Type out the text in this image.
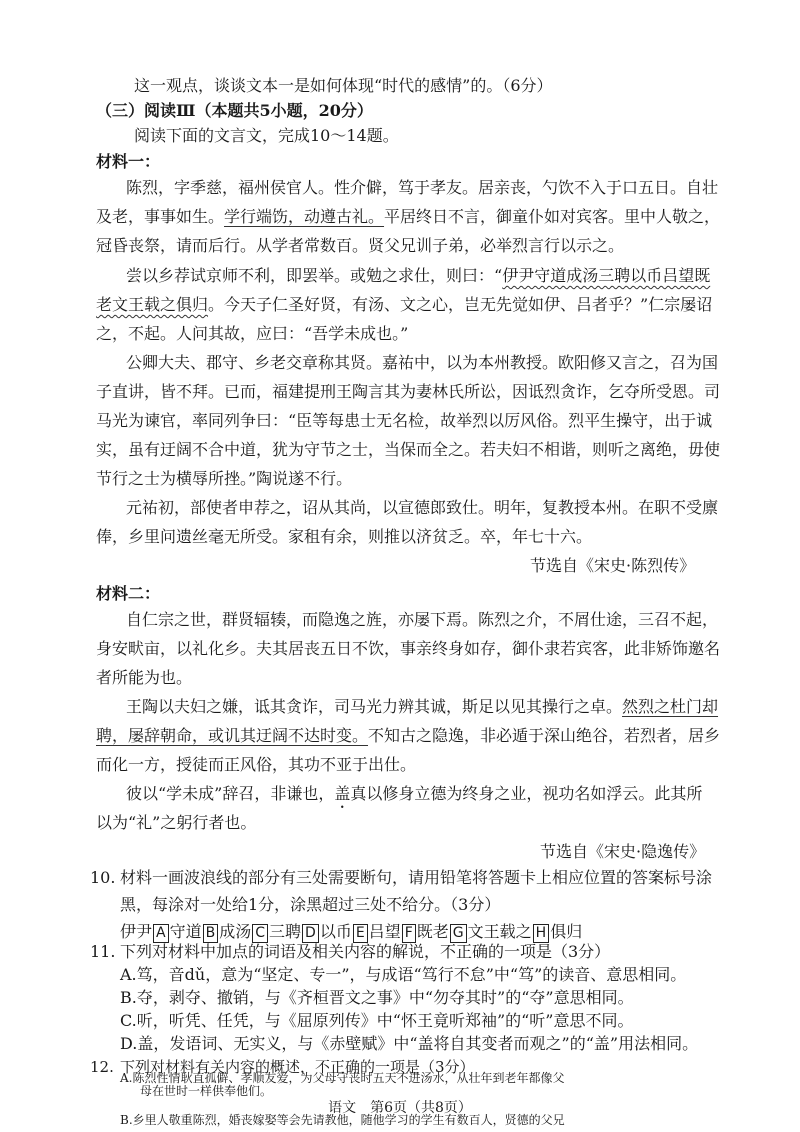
这一观点，谈谈文本一是如何体现“时代的感情”的。（6分）
（三）阅读Ⅲ（本题共5小题，20分）
阅读下面的文言文，完成10～14题。
材料一：
陈烈，字季慈，福州侯官人。性介僻，笃于孝友。居亲丧，勺饮不入于口五日。自壮
及老，事事如生。学行端饬，动遵古礼。平居终日不言，御童仆如对宾客。里中人敬之，
冠昏丧祭，请而后行。从学者常数百。贤父兄训子弟，必举烈言行以示之。
尝以乡荐试京师不利，即罢举。或勉之求仕，则曰：“伊尹守道成汤三聘以币吕望既
老文王载之俱归。今天子仁圣好贤，有汤、文之心，岂无先觉如伊、吕者乎？”仁宗屡诏
之，不起。人问其故，应曰：“吾学未成也。”
公卿大夫、郡守、乡老交章称其贤。嘉祐中，以为本州教授。欧阳修又言之，召为国
子直讲，皆不拜。已而，福建提刑王陶言其为妻林氏所讼，因诋烈贪诈，乞夺所受恩。司
马光为谏官，率同列争曰：“臣等每患士无名检，故举烈以厉风俗。烈平生操守，出于诚
实，虽有迂阔不合中道，犹为守节之士，当保而全之。若夫妇不相谐，则听之离绝，毋使
节行之士为横辱所挫。”陶说遂不行。
元祐初，部使者申荐之，诏从其尚，以宣德郎致仕。明年，复教授本州。在职不受廪
俸，乡里问遗丝毫无所受。家租有余，则推以济贫乏。卒，年七十六。
节选自《宋史·陈烈传》
材料二：
自仁宗之世，群贤辐辏，而隐逸之旌，亦屡下焉。陈烈之介，不屑仕途，三召不起，
身安畎亩，以礼化乡。夫其居丧五日不饮，事亲终身如存，御仆隶若宾客，此非矫饰邀名
者所能为也。
王陶以夫妇之嫌，诋其贪诈，司马光力辨其诚，斯足以见其操行之卓。然烈之杜门却
聘，屡辞朝命，或讥其迂阔不达时变。不知古之隐逸，非必遁于深山绝谷，若烈者，居乡
而化一方，授徒而正风俗，其功不亚于出仕。
彼以“学未成”辞召，非谦也，盖真以修身立德为终身之业，视功名如浮云。此其所
以为“礼”之躬行者也。
节选自《宋史·隐逸传》
10. 材料一画波浪线的部分有三处需要断句，请用铅笔将答题卡上相应位置的答案标号涂
黑，每涂对一处给1分，涂黑超过三处不给分。（3分）
伊尹 A 守道 B 成汤 C 三聘 D 以币 E 吕望 F 既老 G 文王载之 H 俱归
11. 下列对材料中加点的词语及相关内容的解说，不正确的一项是（3分）
A.笃，音dǔ，意为“坚定、专一”，与成语“笃行不怠”中“笃”的读音、意思相同。
B.夺，剥夺、撤销，与《齐桓晋文之事》中“勿夺其时”的“夺”意思相同。
C.听，听凭、任凭，与《屈原列传》中“怀王竟听郑袖”的“听”意思不同。
D.盖，发语词、无实义，与《赤壁赋》中“盖将自其变者而观之”的“盖”用法相同。
12.
语文　第6页（共8页）
下列对材料有关内容的概述，不正确的一项是（3分）
A.陈烈性情耿直孤僻、孝顺友爱，为父母守丧时五天不进汤水，从壮年到老年都像父
母在世时一样供奉他们。
B.乡里人敬重陈烈，婚丧嫁娶等会先请教他，随他学习的学生有数百人，贤德的父兄
